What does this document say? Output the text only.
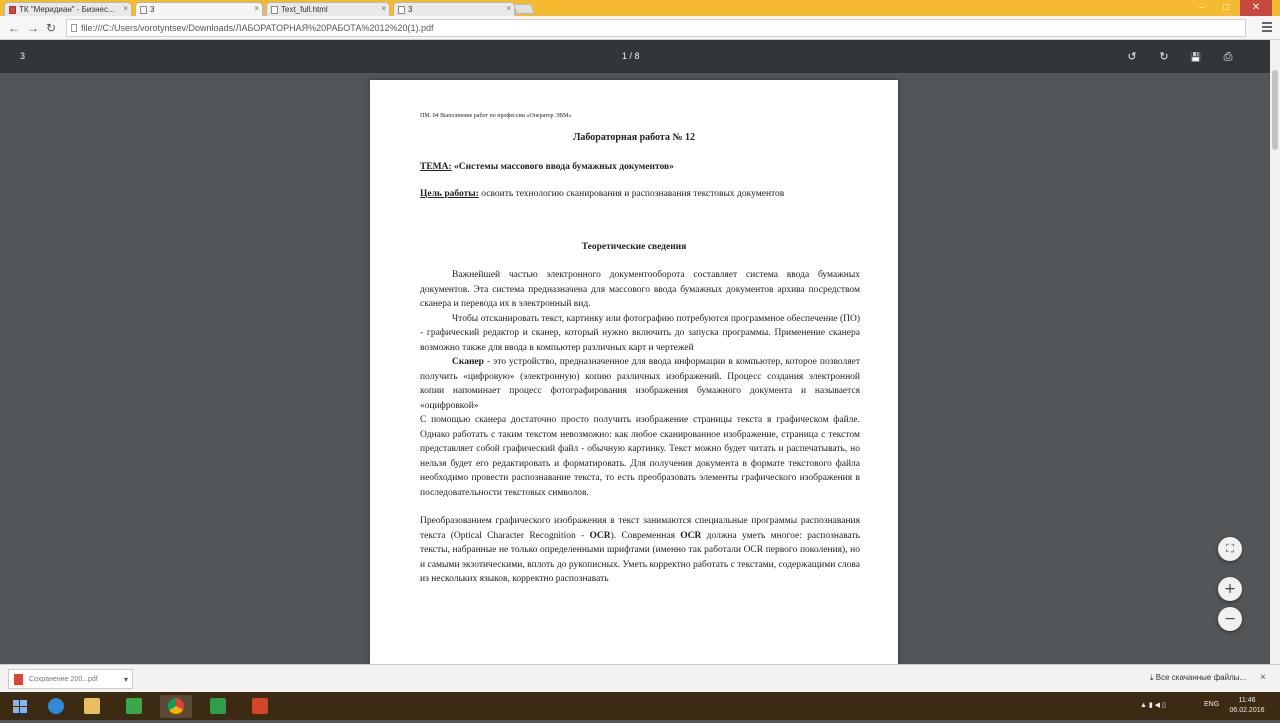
ТК "Меридиан" - Бизнес... ×	3	×	Text_full.html	×	3	×	–	□	✕
← → ↻	file:///C:/Users/vorotyntsev/Downloads/ЛАБОРАТОРНАЯ%20РАБОТА%2012%20(1).pdf
3	1 / 8	↺ ↻ 💾 ⎙
ПМ. 04 Выполнение работ по профессии «Оператор ЭВМ»
Лабораторная работа № 12
ТЕМА: «Системы массового ввода бумажных документов»
Цель работы: освоить технологию сканирования и распознавания текстовых документов
Теоретические сведения

Важнейшей частью электронного документооборота составляет система ввода бумажных документов. Эта система предназначена для массового ввода бумажных документов архива посредством сканера и перевода их в электронный вид.

Чтобы отсканировать текст, картинку или фотографию потребуются программное обеспечение (ПО) - графический редактор и сканер, который нужно включить до запуска программы. Применение сканера возможно также для ввода в компьютер различных карт и чертежей

Сканер - это устройство, предназначенное для ввода информации в компьютер, которое позволяет получить «цифровую» (электронную) копию различных изображений. Процесс создания электронной копии напоминает процесс фотографирования изображения бумажного документа и называется «оцифровкой»

С помощью сканера достаточно просто получить изображение страницы текста в графическом файле. Однако работать с таким текстом невозможно: как любое сканированное изображение, страница с текстом представляет собой графический файл - обычную картинку. Текст можно будет читать и распечатывать, но нельзя будет его редактировать и форматировать. Для получения документа в формате текстового файла необходимо провести распознавание текста, то есть преобразовать элементы графического изображения в последовательности текстовых символов.

Преобразованием графического изображения в текст занимаются специальные программы распознавания текста (Optical Character Recognition - OCR). Современная OCR должна уметь многое: распознавать тексты, набранные не только определенными шрифтами (именно так работали OCR первого поколения), но и самыми экзотическими, вплоть до рукописных. Уметь корректно работать с текстами, содержащими слова из нескольких языков, корректно распознавать

⛶
+
−
Сохранение 200...pdf	▾	⤓ Все скачанные файлы... ×
▲ ▮ ◀ ▯	ENG
11:46
06.02.2016
